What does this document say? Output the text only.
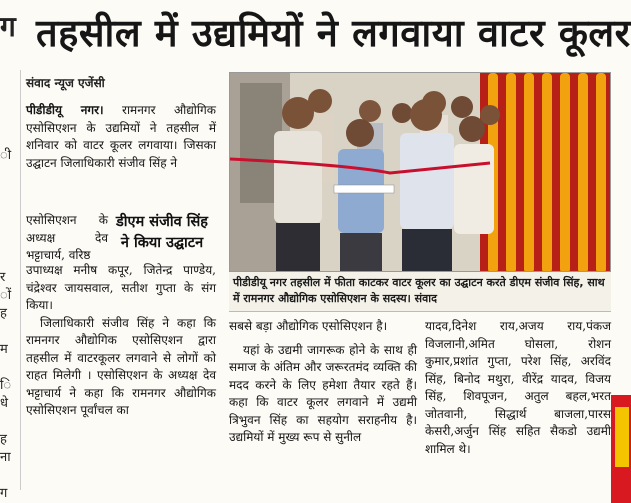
ग
ी
र
ों
ह
म
ि
धे
ह
ना
ग
तहसील में उद्यमियों ने लगवाया वाटर कूलर
संवाद न्यूज एजेंसी

पीडीडीयू नगर। रामनगर औद्योगिक एसोसिएशन के उद्यमियों ने तहसील में शनिवार को वाटर कूलर लगवाया। जिसका उद्घाटन जिलाधिकारी संजीव सिंह ने

एसोसिएशन के अध्यक्ष देव भट्टाचार्य, वरिष्ठ

डीएम संजीव सिंह ने किया उद्घाटन

उपाध्यक्ष मनीष कपूर, जितेन्द्र पाण्डेय, चंद्रेश्वर जायसवाल, सतीश गुप्ता के संग किया।

जिलाधिकारी संजीव सिंह ने कहा कि रामनगर औद्योगिक एसोसिएशन द्वारा तहसील में वाटरकूलर लगवाने से लोगों को राहत मिलेगी । एसोसिएशन के अध्यक्ष देव भट्टाचार्य ने कहा कि रामनगर औद्योगिक एसोसिएशन पूर्वांचल का

पीडीडीयू नगर तहसील में फीता काटकर वाटर कूलर का उद्घाटन करते डीएम संजीव सिंह, साथ में रामनगर औद्योगिक एसोसिएशन के सदस्य। संवाद

सबसे बड़ा औद्योगिक एसोसिएशन है।

यहां के उद्यमी जागरूक होने के साथ ही समाज के अंतिम और जरूरतमंद व्यक्ति की मदद करने के लिए हमेशा तैयार रहते हैं। कहा कि वाटर कूलर लगवाने में उद्यमी त्रिभुवन सिंह का सहयोग सराहनीय है। उद्यमियों में मुख्य रूप से सुनील

यादव,दिनेश राय,अजय राय,पंकज विजलानी,अमित घोसला, रोशन कुमार,प्रशांत गुप्ता, परेश सिंह, अरविंद सिंह, बिनोद मथुरा, वीरेंद्र यादव, विजय सिंह, शिवपूजन, अतुल बहल,भरत जोतवानी, सिद्धार्थ बाजला,पारस केसरी,अर्जुन सिंह सहित सैकडो उद्यमी शामिल थे।
